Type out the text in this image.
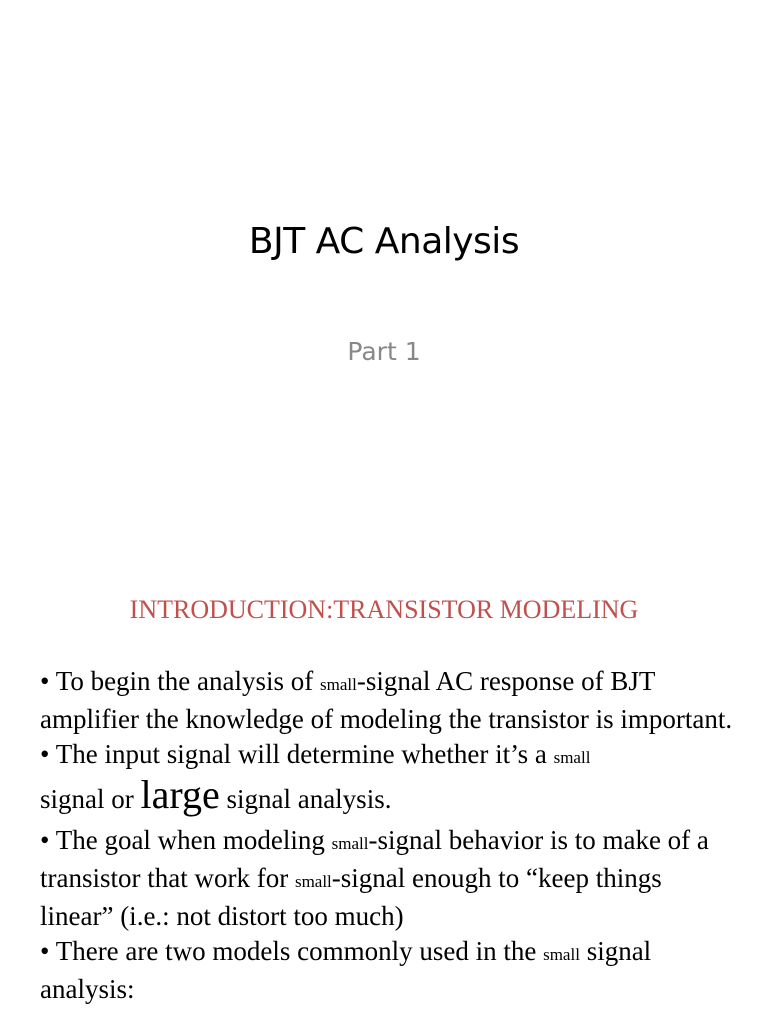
BJT AC Analysis
Part 1
INTRODUCTION:TRANSISTOR MODELING

• To begin the analysis of small-signal AC response of BJT amplifier the knowledge of modeling the transistor is important.

• The input signal will determine whether it’s a small
signal or large signal analysis.

• The goal when modeling small-signal behavior is to make of a transistor that work for small-signal enough to “keep things linear” (i.e.: not distort too much)

• There are two models commonly used in the small signal analysis:
